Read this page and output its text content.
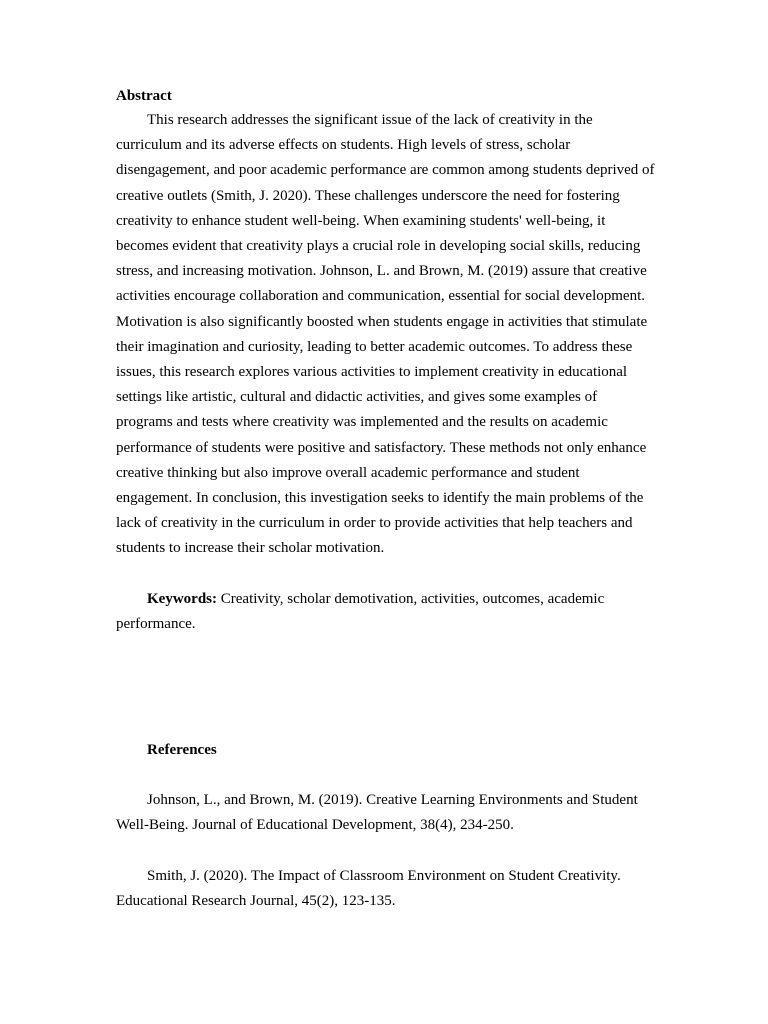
Abstract

This research addresses the significant issue of the lack of creativity in the curriculum and its adverse effects on students. High levels of stress, scholar disengagement, and poor academic performance are common among students deprived of creative outlets (Smith, J. 2020). These challenges underscore the need for fostering creativity to enhance student well-being. When examining students' well-being, it becomes evident that creativity plays a crucial role in developing social skills, reducing stress, and increasing motivation. Johnson, L. and Brown, M. (2019) assure that creative activities encourage collaboration and communication, essential for social development. Motivation is also significantly boosted when students engage in activities that stimulate their imagination and curiosity, leading to better academic outcomes. To address these issues, this research explores various activities to implement creativity in educational settings like artistic, cultural and didactic activities, and gives some examples of programs and tests where creativity was implemented and the results on academic performance of students were positive and satisfactory. These methods not only enhance creative thinking but also improve overall academic performance and student engagement. In conclusion, this investigation seeks to identify the main problems of the lack of creativity in the curriculum in order to provide activities that help teachers and students to increase their scholar motivation.

Keywords: Creativity, scholar demotivation, activities, outcomes, academic performance.

References

Johnson, L., and Brown, M. (2019). Creative Learning Environments and Student Well-Being. Journal of Educational Development, 38(4), 234-250.

Smith, J. (2020). The Impact of Classroom Environment on Student Creativity. Educational Research Journal, 45(2), 123-135.
